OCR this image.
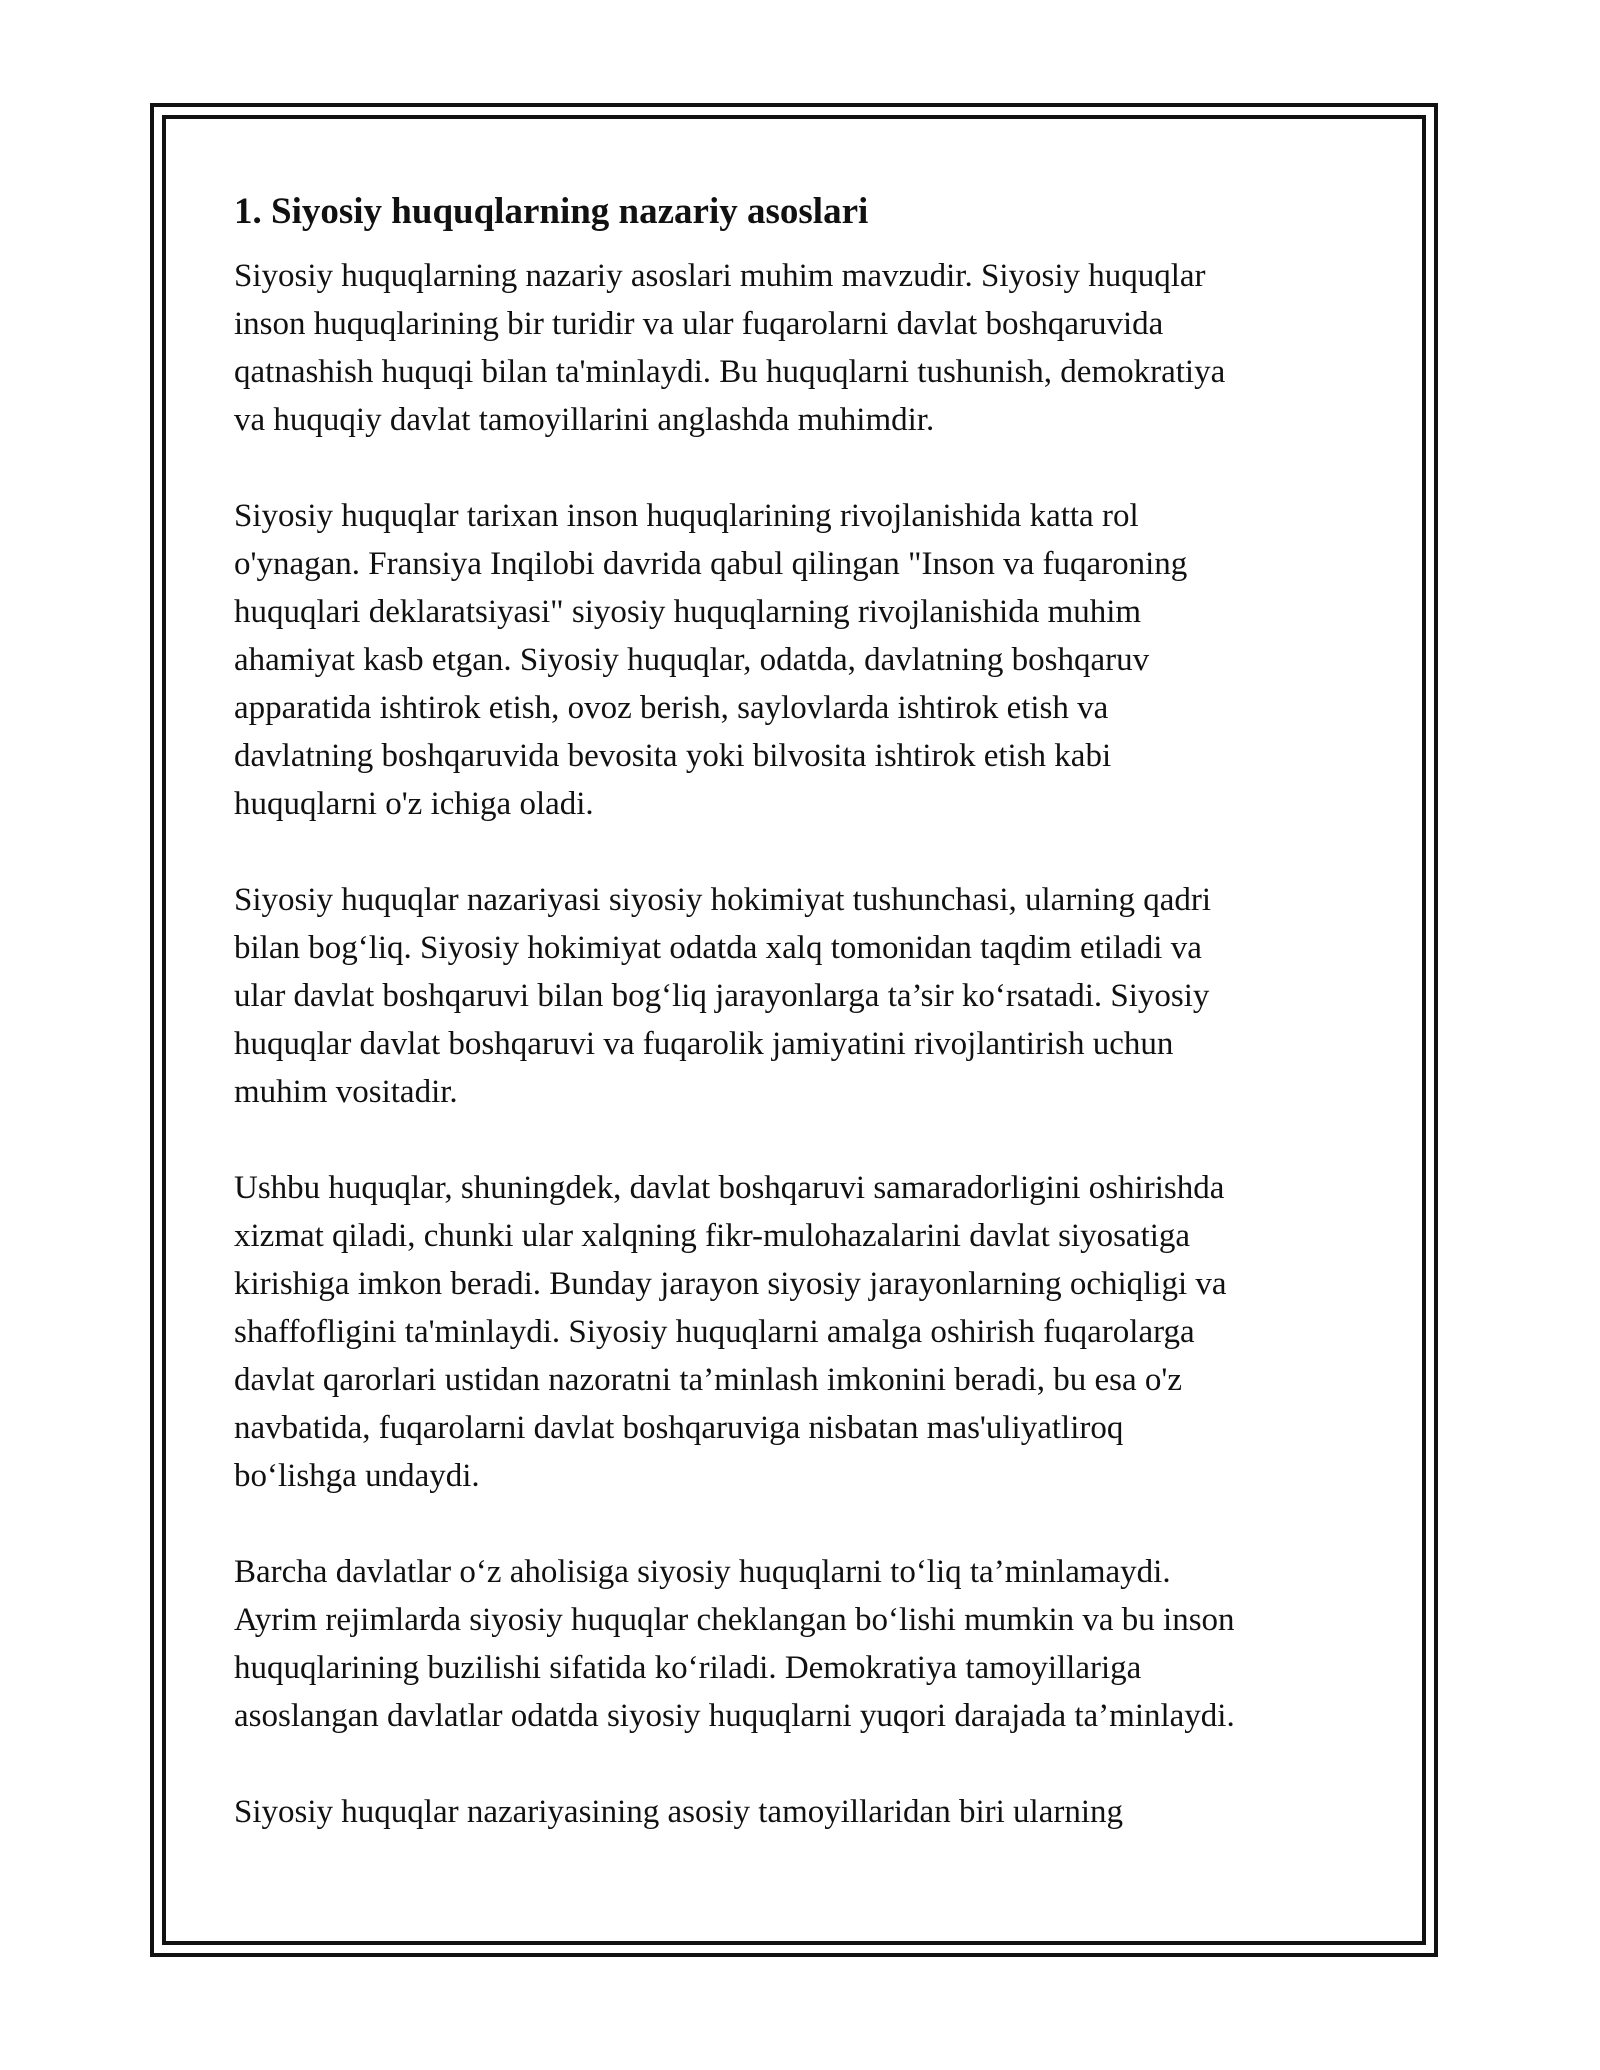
1. Siyosiy huquqlarning nazariy asoslari
Siyosiy huquqlarning nazariy asoslari muhim mavzudir. Siyosiy huquqlar
inson huquqlarining bir turidir va ular fuqarolarni davlat boshqaruvida
qatnashish huquqi bilan ta'minlaydi. Bu huquqlarni tushunish, demokratiya
va huquqiy davlat tamoyillarini anglashda muhimdir.
Siyosiy huquqlar tarixan inson huquqlarining rivojlanishida katta rol
o'ynagan. Fransiya Inqilobi davrida qabul qilingan "Inson va fuqaroning
huquqlari deklaratsiyasi" siyosiy huquqlarning rivojlanishida muhim
ahamiyat kasb etgan. Siyosiy huquqlar, odatda, davlatning boshqaruv
apparatida ishtirok etish, ovoz berish, saylovlarda ishtirok etish va
davlatning boshqaruvida bevosita yoki bilvosita ishtirok etish kabi
huquqlarni o'z ichiga oladi.
Siyosiy huquqlar nazariyasi siyosiy hokimiyat tushunchasi, ularning qadri
bilan bog‘liq. Siyosiy hokimiyat odatda xalq tomonidan taqdim etiladi va
ular davlat boshqaruvi bilan bog‘liq jarayonlarga ta’sir ko‘rsatadi. Siyosiy
huquqlar davlat boshqaruvi va fuqarolik jamiyatini rivojlantirish uchun
muhim vositadir.
Ushbu huquqlar, shuningdek, davlat boshqaruvi samaradorligini oshirishda
xizmat qiladi, chunki ular xalqning fikr-mulohazalarini davlat siyosatiga
kirishiga imkon beradi. Bunday jarayon siyosiy jarayonlarning ochiqligi va
shaffofligini ta'minlaydi. Siyosiy huquqlarni amalga oshirish fuqarolarga
davlat qarorlari ustidan nazoratni ta’minlash imkonini beradi, bu esa o'z
navbatida, fuqarolarni davlat boshqaruviga nisbatan mas'uliyatliroq
bo‘lishga undaydi.
Barcha davlatlar o‘z aholisiga siyosiy huquqlarni to‘liq ta’minlamaydi.
Ayrim rejimlarda siyosiy huquqlar cheklangan bo‘lishi mumkin va bu inson
huquqlarining buzilishi sifatida ko‘riladi. Demokratiya tamoyillariga
asoslangan davlatlar odatda siyosiy huquqlarni yuqori darajada ta’minlaydi.
Siyosiy huquqlar nazariyasining asosiy tamoyillaridan biri ularning
